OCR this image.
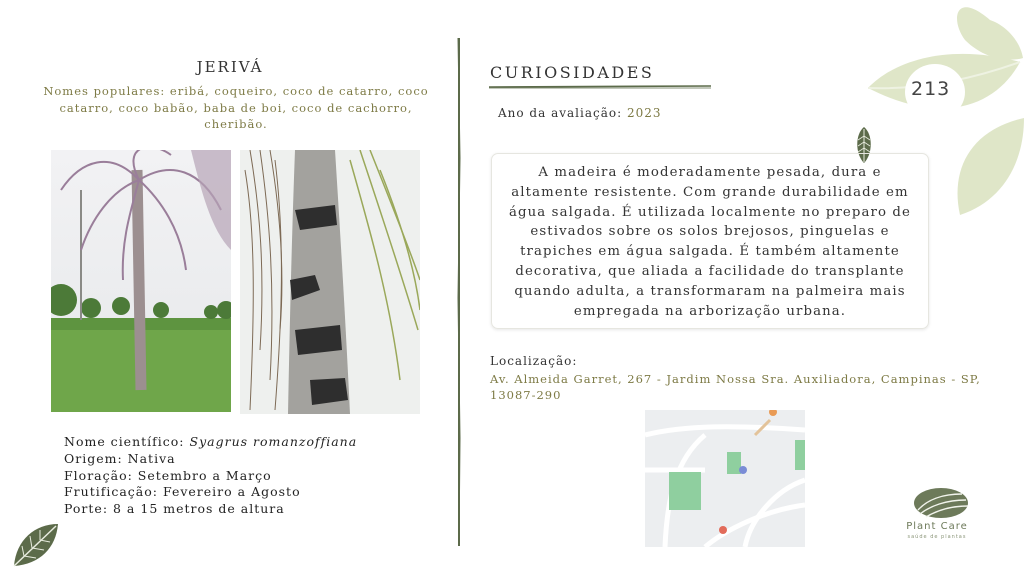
213
JERIVÁ
Nomes populares: eribá, coqueiro, coco de catarro, coco catarro, coco babão, baba de boi, coco de cachorro, cheribão.
Nome científico: Syagrus romanzoffiana
Origem: Nativa
Floração: Setembro a Março
Frutificação: Fevereiro a Agosto
Porte: 8 a 15 metros de altura
CURIOSIDADES
Ano da avaliação: 2023
A madeira é moderadamente pesada, dura e altamente resistente. Com grande durabilidade em água salgada. É utilizada localmente no preparo de estivados sobre os solos brejosos, pinguelas e trapiches em água salgada. É também altamente decorativa, que aliada a facilidade do transplante quando adulta, a transformaram na palmeira mais empregada na arborização urbana.
Localização:
Av. Almeida Garret, 267 - Jardim Nossa Sra. Auxiliadora, Campinas - SP, 13087-290
Plant Care
saúde de plantas
